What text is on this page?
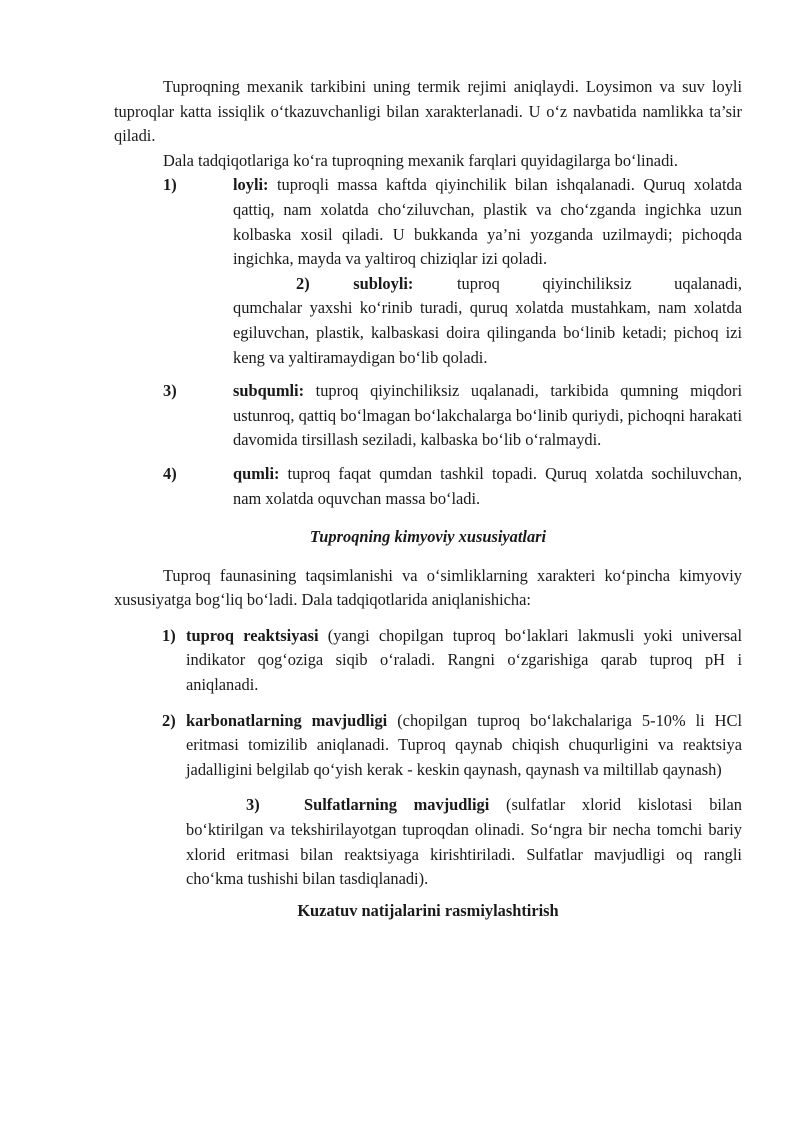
Tuproqning mexanik tarkibini uning termik rejimi aniqlaydi. Loysimon va suv loyli tuproqlar katta issiqlik o‘tkazuvchanligi bilan xarakterlanadi. U o‘z navbatida namlikka ta’sir qiladi.

Dala tadqiqotlariga ko‘ra tuproqning mexanik farqlari quyidagilarga bo‘linadi.

1)	loyli: tuproqli massa kaftda qiyinchilik bilan ishqalanadi. Quruq xolatda qattiq, nam xolatda cho‘ziluvchan, plastik va cho‘zganda ingichka uzun kolbaska xosil qiladi. U bukkanda ya’ni yozganda uzilmaydi; pichoqda ingichka, mayda va yaltiroq chiziqlar izi qoladi.
2)	subloyli:	tuproq qiyinchiliksiz uqalanadi,
qumchalar yaxshi ko‘rinib turadi, quruq xolatda mustahkam, nam xolatda egiluvchan, plastik, kalbaskasi doira qilinganda bo‘linib ketadi; pichoq izi keng va yaltiramaydigan bo‘lib qoladi.
3)	subqumli: tuproq qiyinchiliksiz uqalanadi, tarkibida qumning miqdori ustunroq, qattiq bo‘lmagan bo‘lakchalarga bo‘linib quriydi, pichoqni harakati davomida tirsillash seziladi, kalbaska bo‘lib o‘ralmaydi.
4)	qumli: tuproq faqat qumdan tashkil topadi. Quruq xolatda sochiluvchan, nam xolatda oquvchan massa bo‘ladi.
Tuproqning kimyoviy xususiyatlari

Tuproq faunasining taqsimlanishi va o‘simliklarning xarakteri ko‘pincha kimyoviy xususiyatga bog‘liq bo‘ladi. Dala tadqiqotlarida aniqlanishicha:

1) tuproq reaktsiyasi (yangi chopilgan tuproq bo‘laklari lakmusli yoki universal indikator qog‘oziga siqib o‘raladi. Rangni o‘zgarishiga qarab tuproq pH i aniqlanadi.
2) karbonatlarning mavjudligi (chopilgan tuproq bo‘lakchalariga 5-10% li HCl eritmasi tomizilib aniqlanadi. Tuproq qaynab chiqish chuqurligini va reaktsiya jadalligini belgilab qo‘yish kerak - keskin qaynash, qaynash va miltillab qaynash)
3)	Sulfatlarning mavjudligi (sulfatlar xlorid kislotasi bilan bo‘ktirilgan va tekshirilayotgan tuproqdan olinadi. So‘ngra bir necha tomchi bariy xlorid eritmasi bilan reaktsiyaga kirishtiriladi. Sulfatlar mavjudligi oq rangli cho‘kma tushishi bilan tasdiqlanadi).
Kuzatuv natijalarini rasmiylashtirish
